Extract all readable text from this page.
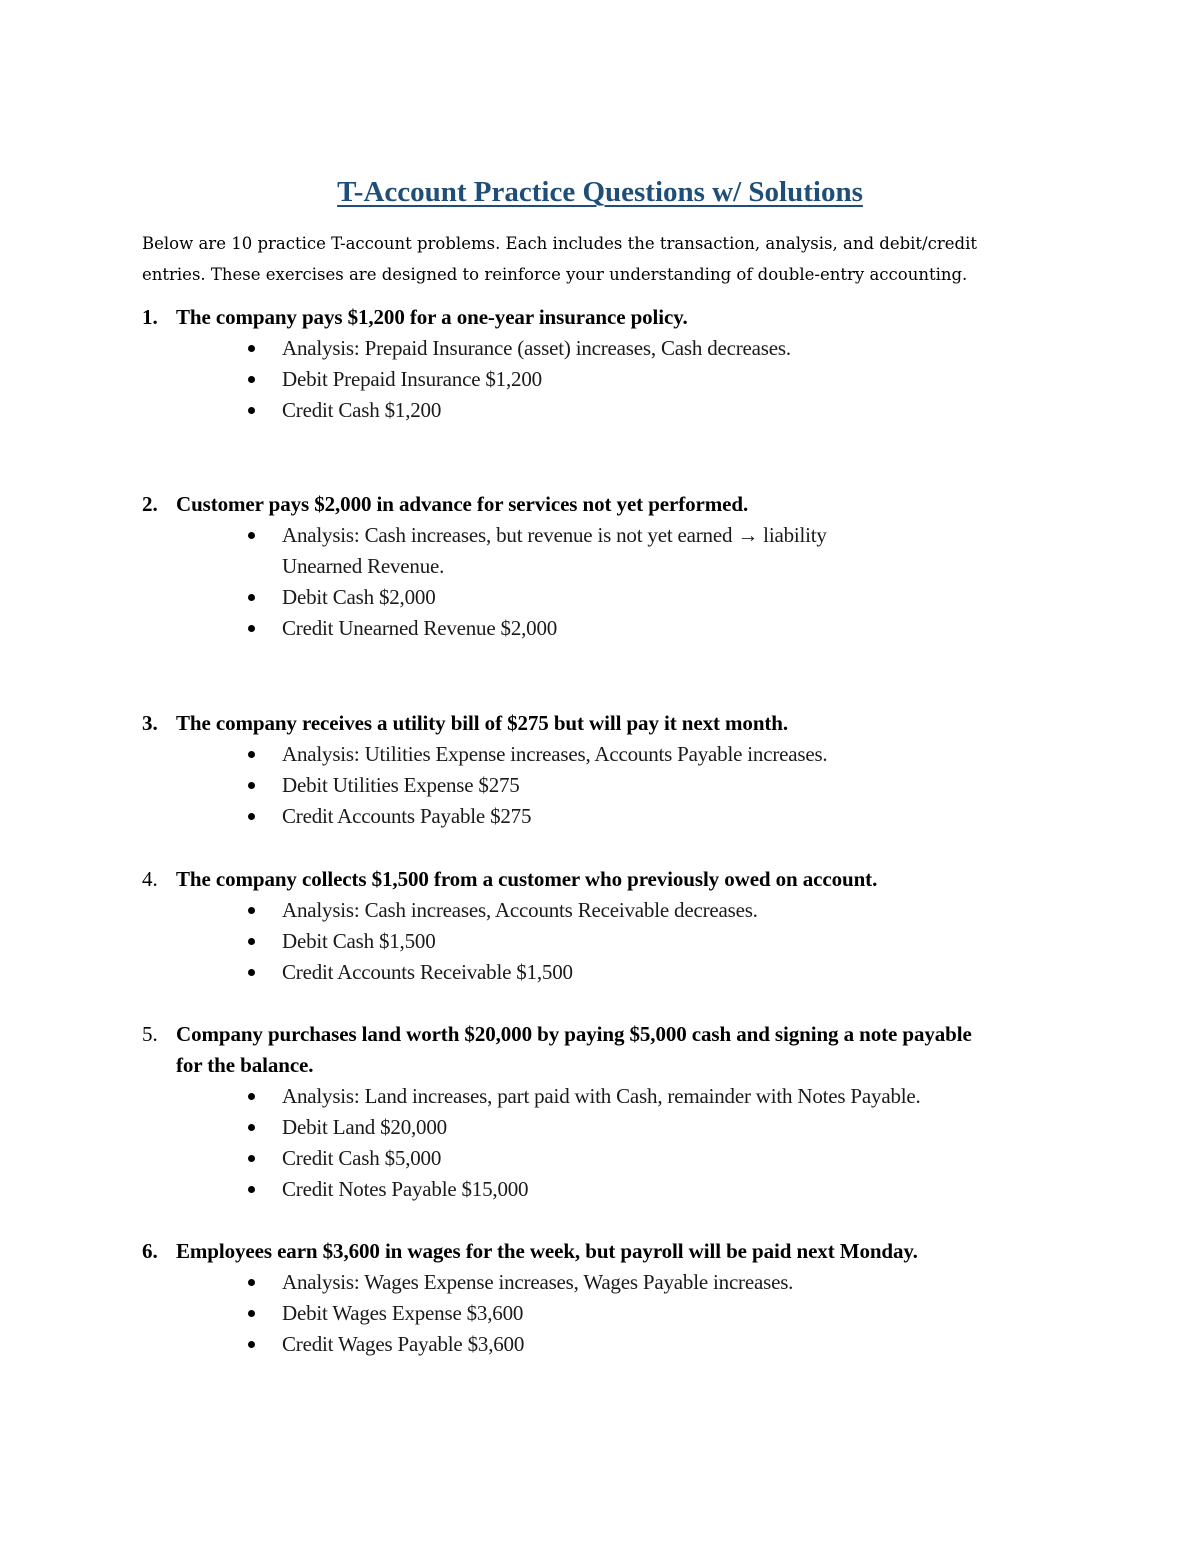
T-Account Practice Questions w/ Solutions

Below are 10 practice T-account problems. Each includes the transaction, analysis, and debit/credit entries. These exercises are designed to reinforce your understanding of double-entry accounting.

1. The company pays $1,200 for a one-year insurance policy.
Analysis: Prepaid Insurance (asset) increases, Cash decreases.
Debit Prepaid Insurance $1,200
Credit Cash $1,200
2. Customer pays $2,000 in advance for services not yet performed.
Analysis: Cash increases, but revenue is not yet earned → liability Unearned Revenue.
Debit Cash $2,000
Credit Unearned Revenue $2,000
3. The company receives a utility bill of $275 but will pay it next month.
Analysis: Utilities Expense increases, Accounts Payable increases.
Debit Utilities Expense $275
Credit Accounts Payable $275
4. The company collects $1,500 from a customer who previously owed on account.
Analysis: Cash increases, Accounts Receivable decreases.
Debit Cash $1,500
Credit Accounts Receivable $1,500
5. Company purchases land worth $20,000 by paying $5,000 cash and signing a note payable for the balance.
Analysis: Land increases, part paid with Cash, remainder with Notes Payable.
Debit Land $20,000
Credit Cash $5,000
Credit Notes Payable $15,000
6. Employees earn $3,600 in wages for the week, but payroll will be paid next Monday.
Analysis: Wages Expense increases, Wages Payable increases.
Debit Wages Expense $3,600
Credit Wages Payable $3,600
